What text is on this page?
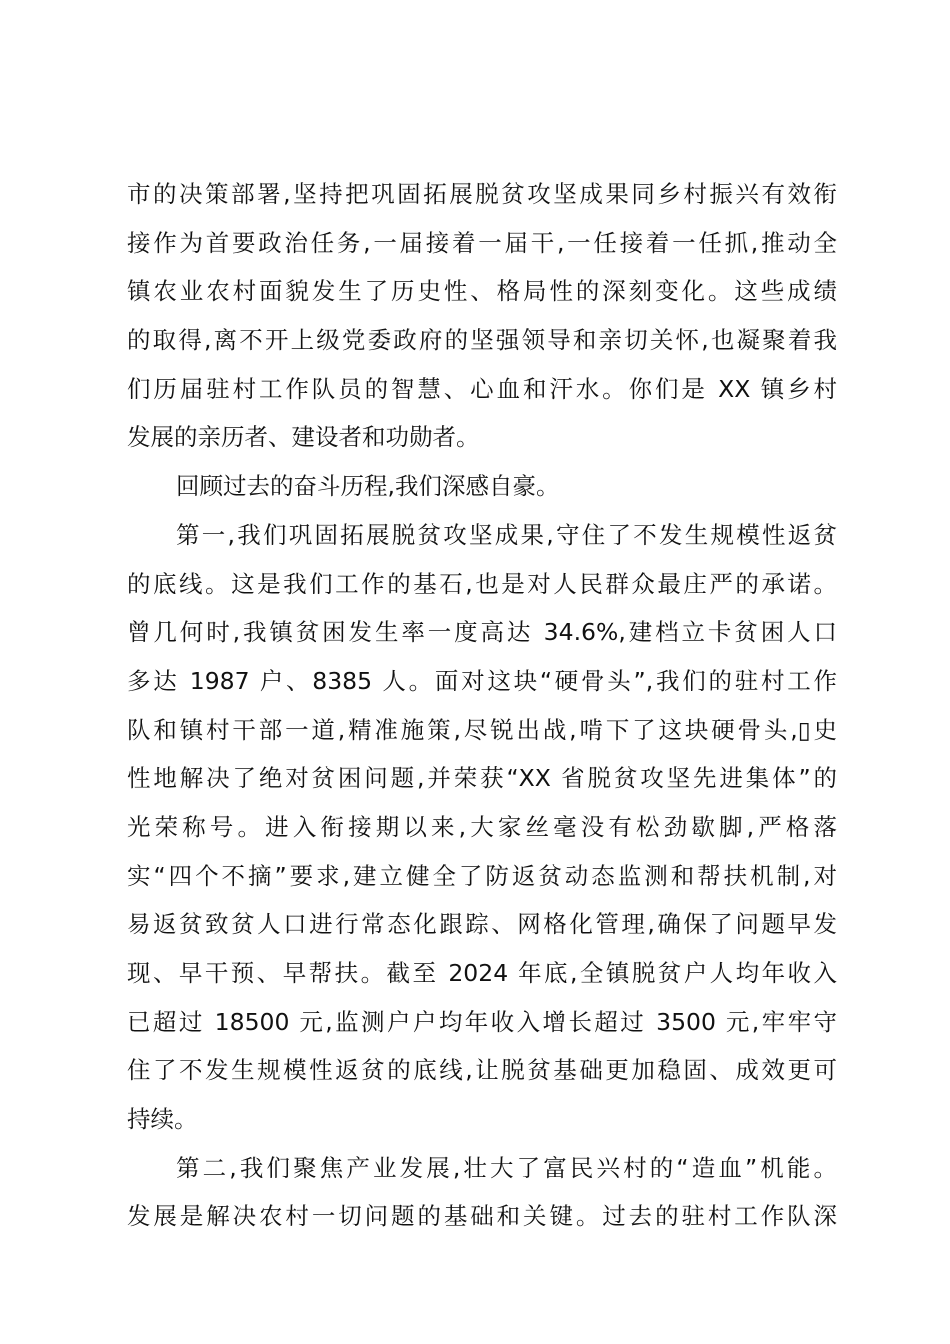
市的决策部署,坚持把巩固拓展脱贫攻坚成果同乡村振兴有效衔
接作为首要政治任务,一届接着一届干,一任接着一任抓,推动全
镇农业农村面貌发生了历史性、格局性的深刻变化。这些成绩
的取得,离不开上级党委政府的坚强领导和亲切关怀,也凝聚着我
们历届驻村工作队员的智慧、心血和汗水。你们是 XX 镇乡村
发展的亲历者、建设者和功勋者。
回顾过去的奋斗历程,我们深感自豪。
第一,我们巩固拓展脱贫攻坚成果,守住了不发生规模性返贫
的底线。这是我们工作的基石,也是对人民群众最庄严的承诺。
曾几何时,我镇贫困发生率一度高达 34.6%,建档立卡贫困人口
多达 1987 户、8385 人。面对这块“硬骨头”,我们的驻村工作
队和镇村干部一道,精准施策,尽锐出战,啃下了这块硬骨头,▯史
性地解决了绝对贫困问题,并荣获“XX 省脱贫攻坚先进集体”的
光荣称号。进入衔接期以来,大家丝毫没有松劲歇脚,严格落
实“四个不摘”要求,建立健全了防返贫动态监测和帮扶机制,对
易返贫致贫人口进行常态化跟踪、网格化管理,确保了问题早发
现、早干预、早帮扶。截至 2024 年底,全镇脱贫户人均年收入
已超过 18500 元,监测户户均年收入增长超过 3500 元,牢牢守
住了不发生规模性返贫的底线,让脱贫基础更加稳固、成效更可
持续。
第二,我们聚焦产业发展,壮大了富民兴村的“造血”机能。
发展是解决农村一切问题的基础和关键。过去的驻村工作队深
